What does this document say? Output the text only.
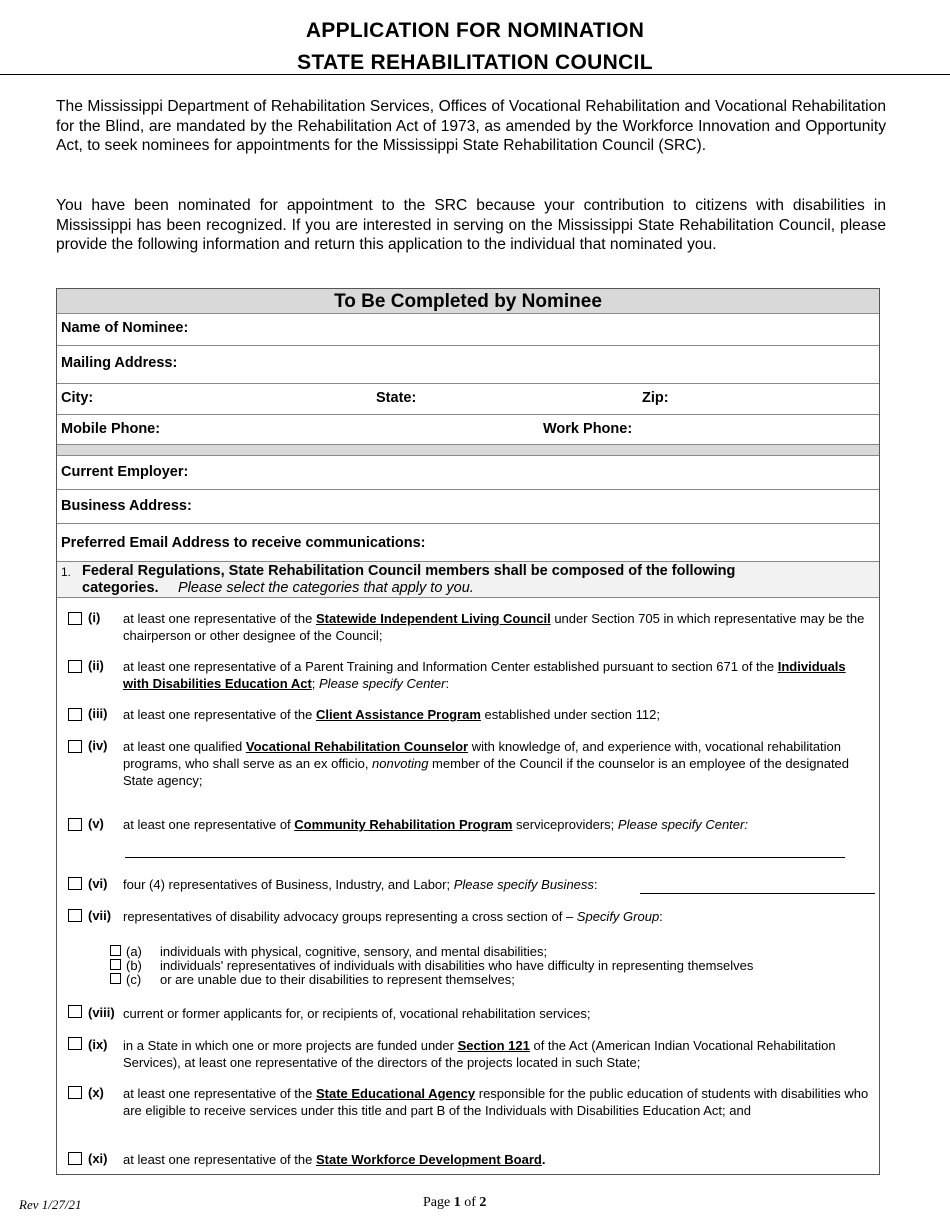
APPLICATION FOR NOMINATION
STATE REHABILITATION COUNCIL
The Mississippi Department of Rehabilitation Services, Offices of Vocational Rehabilitation and Vocational Rehabilitation for the Blind, are mandated by the Rehabilitation Act of 1973, as amended by the Workforce Innovation and Opportunity Act, to seek nominees for appointments for the Mississippi State Rehabilitation Council (SRC).
You have been nominated for appointment to the SRC because your contribution to citizens with disabilities in Mississippi has been recognized. If you are interested in serving on the Mississippi State Rehabilitation Council, please provide the following information and return this application to the individual that nominated you.
To Be Completed by Nominee
Name of Nominee:
Mailing Address:
City:	State:	Zip:
Mobile Phone:	Work Phone:
Current Employer:
Business Address:
Preferred Email Address to receive communications:
1. Federal Regulations, State Rehabilitation Council members shall be composed of the following
categories. Please select the categories that apply to you.
(i) at least one representative of the Statewide Independent Living Council under Section 705 in which representative may be the chairperson or other designee of the Council;
(ii) at least one representative of a Parent Training and Information Center established pursuant to section 671 of the Individuals with Disabilities Education Act; Please specify Center:
(iii) at least one representative of the Client Assistance Program established under section 112;
(iv) at least one qualified Vocational Rehabilitation Counselor with knowledge of, and experience with, vocational rehabilitation programs, who shall serve as an ex officio, nonvoting member of the Council if the counselor is an employee of the designated State agency;
(v) at least one representative of Community Rehabilitation Program serviceproviders; Please specify Center:
(vi) four (4) representatives of Business, Industry, and Labor; Please specify Business:
(vii) representatives of disability advocacy groups representing a cross section of – Specify Group:
(a) individuals with physical, cognitive, sensory, and mental disabilities;
(b) individuals' representatives of individuals with disabilities who have difficulty in representing themselves
(c) or are unable due to their disabilities to represent themselves;
(viii) current or former applicants for, or recipients of, vocational rehabilitation services;
(ix) in a State in which one or more projects are funded under Section 121 of the Act (American Indian Vocational Rehabilitation Services), at least one representative of the directors of the projects located in such State;
(x) at least one representative of the State Educational Agency responsible for the public education of students with disabilities who are eligible to receive services under this title and part B of the Individuals with Disabilities Education Act; and
(xi) at least one representative of the State Workforce Development Board.
Rev 1/27/21	Page 1 of 2
